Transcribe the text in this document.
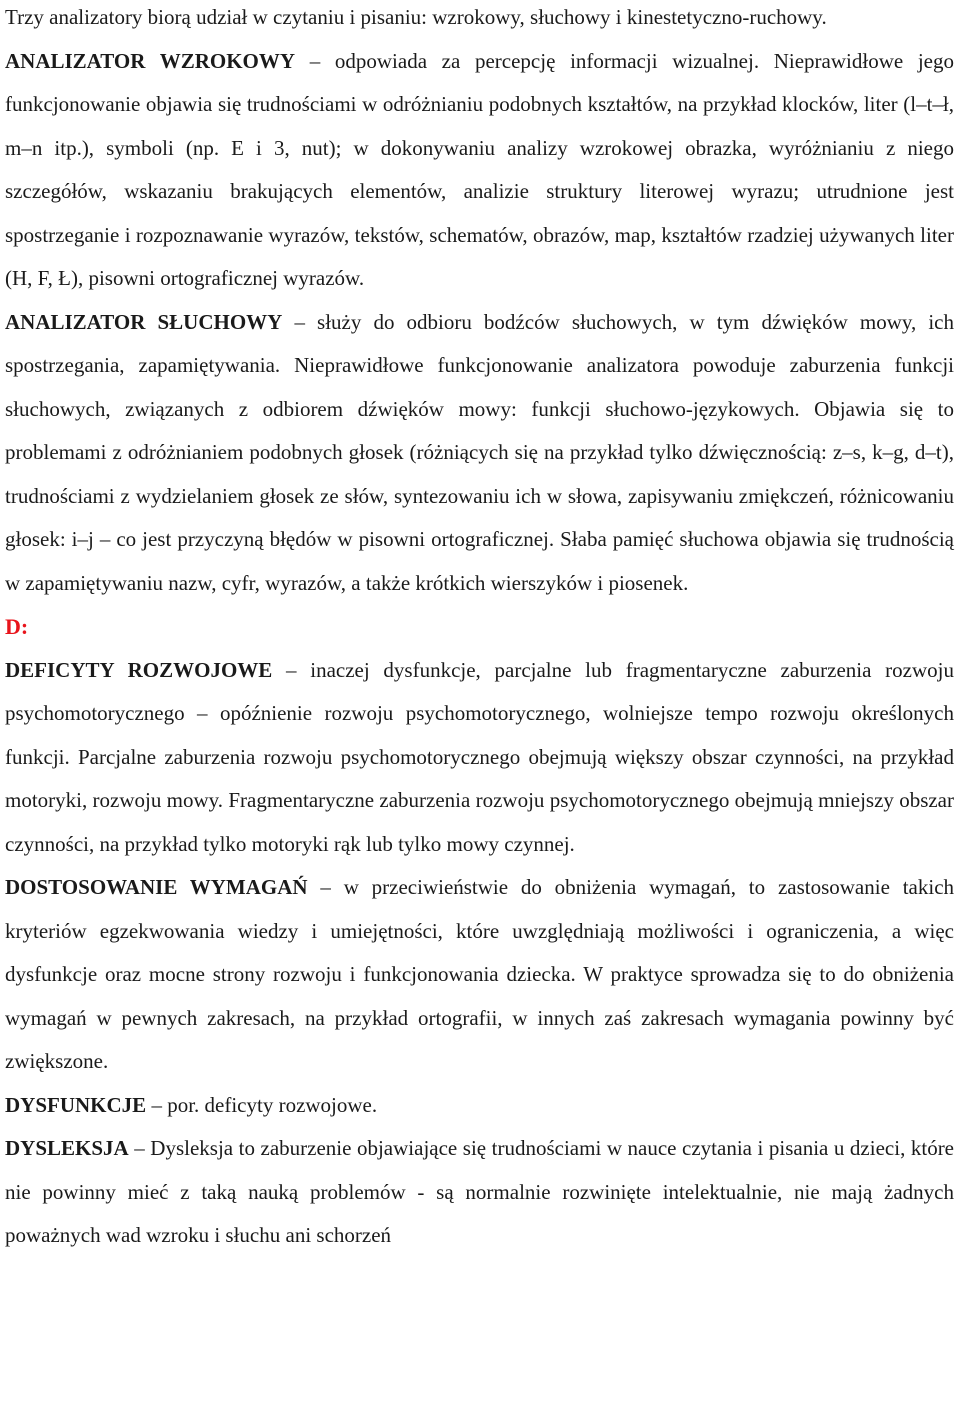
Trzy analizatory biorą udział w czytaniu i pisaniu: wzrokowy, słuchowy i kinestetyczno-ruchowy.

ANALIZATOR WZROKOWY – odpowiada za percepcję informacji wizualnej. Nieprawidłowe jego funkcjonowanie objawia się trudnościami w odróżnianiu podobnych kształtów, na przykład klocków, liter (l–t–ł, m–n itp.), symboli (np. E i 3, nut); w dokonywaniu analizy wzrokowej obrazka, wyróżnianiu z niego szczegółów, wskazaniu brakujących elementów, analizie struktury literowej wyrazu; utrudnione jest spostrzeganie i rozpoznawanie wyrazów, tekstów, schematów, obrazów, map, kształtów rzadziej używanych liter (H, F, Ł), pisowni ortograficznej wyrazów.

ANALIZATOR SŁUCHOWY – służy do odbioru bodźców słuchowych, w tym dźwięków mowy, ich spostrzegania, zapamiętywania. Nieprawidłowe funkcjonowanie analizatora powoduje zaburzenia funkcji słuchowych, związanych z odbiorem dźwięków mowy: funkcji słuchowo-językowych. Objawia się to problemami z odróżnianiem podobnych głosek (różniących się na przykład tylko dźwięcznością: z–s, k–g, d–t), trudnościami z wydzielaniem głosek ze słów, syntezowaniu ich w słowa, zapisywaniu zmiękczeń, różnicowaniu głosek: i–j – co jest przyczyną błędów w pisowni ortograficznej. Słaba pamięć słuchowa objawia się trudnością w zapamiętywaniu nazw, cyfr, wyrazów, a także krótkich wierszyków i piosenek.

D:

DEFICYTY ROZWOJOWE – inaczej dysfunkcje, parcjalne lub fragmentaryczne zaburzenia rozwoju psychomotorycznego – opóźnienie rozwoju psychomotorycznego, wolniejsze tempo rozwoju określonych funkcji. Parcjalne zaburzenia rozwoju psychomotorycznego obejmują większy obszar czynności, na przykład motoryki, rozwoju mowy. Fragmentaryczne zaburzenia rozwoju psychomotorycznego obejmują mniejszy obszar czynności, na przykład tylko motoryki rąk lub tylko mowy czynnej.

DOSTOSOWANIE WYMAGAŃ – w przeciwieństwie do obniżenia wymagań, to zastosowanie takich kryteriów egzekwowania wiedzy i umiejętności, które uwzględniają możliwości i ograniczenia, a więc dysfunkcje oraz mocne strony rozwoju i funkcjonowania dziecka. W praktyce sprowadza się to do obniżenia wymagań w pewnych zakresach, na przykład ortografii, w innych zaś zakresach wymagania powinny być zwiększone.

DYSFUNKCJE – por. deficyty rozwojowe.

DYSLEKSJA – Dysleksja to zaburzenie objawiające się trudnościami w nauce czytania i pisania u dzieci, które nie powinny mieć z taką nauką problemów - są normalnie rozwinięte intelektualnie, nie mają żadnych poważnych wad wzroku i słuchu ani schorzeń
